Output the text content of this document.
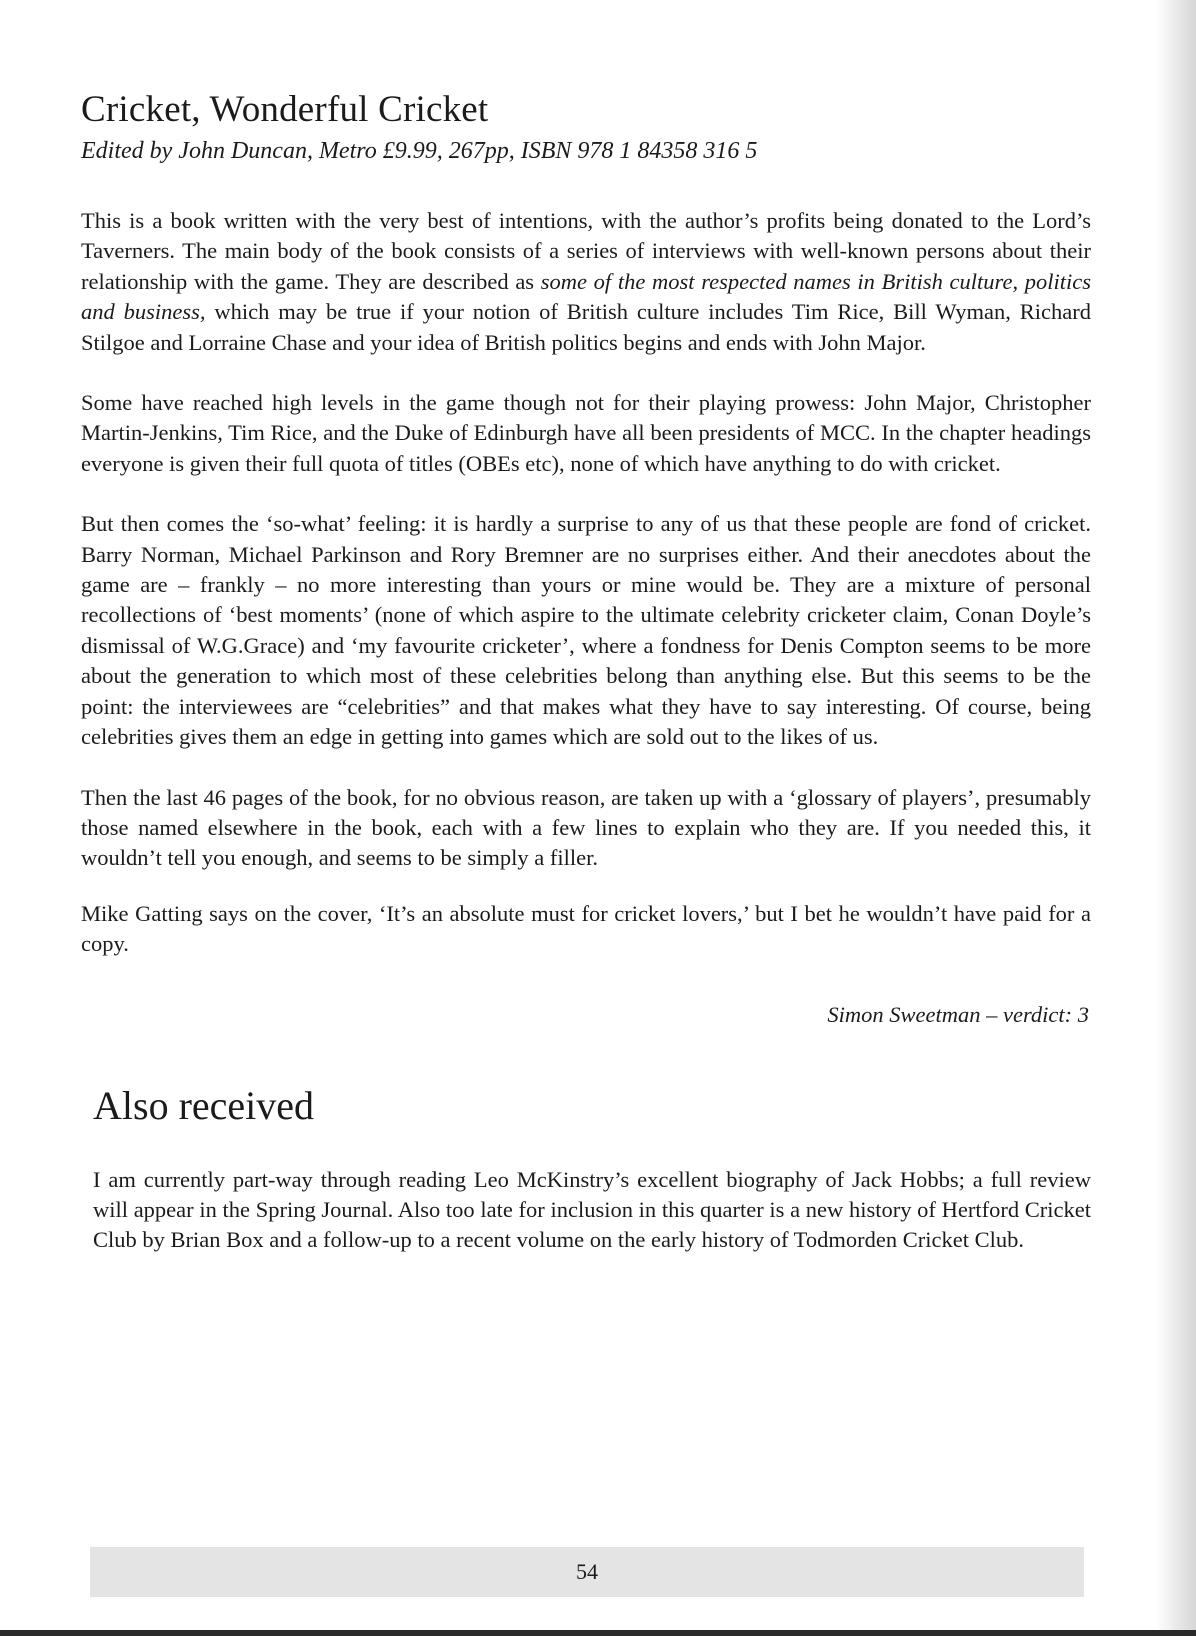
Cricket, Wonderful Cricket
Edited by John Duncan, Metro £9.99, 267pp, ISBN 978 1 84358 316 5

This is a book written with the very best of intentions, with the author’s profits being donated to the Lord’s Taverners. The main body of the book consists of a series of interviews with well-known persons about their relationship with the game. They are described as some of the most respected names in British culture, politics and business, which may be true if your notion of British culture includes Tim Rice, Bill Wyman, Richard Stilgoe and Lorraine Chase and your idea of British politics begins and ends with John Major.

Some have reached high levels in the game though not for their playing prowess: John Major, Christopher Martin-Jenkins, Tim Rice, and the Duke of Edinburgh have all been presidents of MCC. In the chapter headings everyone is given their full quota of titles (OBEs etc), none of which have anything to do with cricket.

But then comes the ‘so-what’ feeling: it is hardly a surprise to any of us that these people are fond of cricket. Barry Norman, Michael Parkinson and Rory Bremner are no surprises either. And their anecdotes about the game are – frankly – no more interesting than yours or mine would be. They are a mixture of personal recollections of ‘best moments’ (none of which aspire to the ultimate celebrity cricketer claim, Conan Doyle’s dismissal of W.G.Grace) and ‘my favourite cricketer’, where a fondness for Denis Compton seems to be more about the generation to which most of these celebrities belong than anything else. But this seems to be the point: the interviewees are “celebrities” and that makes what they have to say interesting. Of course, being celebrities gives them an edge in getting into games which are sold out to the likes of us.

Then the last 46 pages of the book, for no obvious reason, are taken up with a ‘glossary of players’, presumably those named elsewhere in the book, each with a few lines to explain who they are. If you needed this, it wouldn’t tell you enough, and seems to be simply a filler.

Mike Gatting says on the cover, ‘It’s an absolute must for cricket lovers,’ but I bet he wouldn’t have paid for a copy.

Simon Sweetman – verdict: 3
Also received
I am currently part-way through reading Leo McKinstry’s excellent biography of Jack Hobbs; a full review will appear in the Spring Journal. Also too late for inclusion in this quarter is a new history of Hertford Cricket Club by Brian Box and a follow-up to a recent volume on the early history of Todmorden Cricket Club.
54
